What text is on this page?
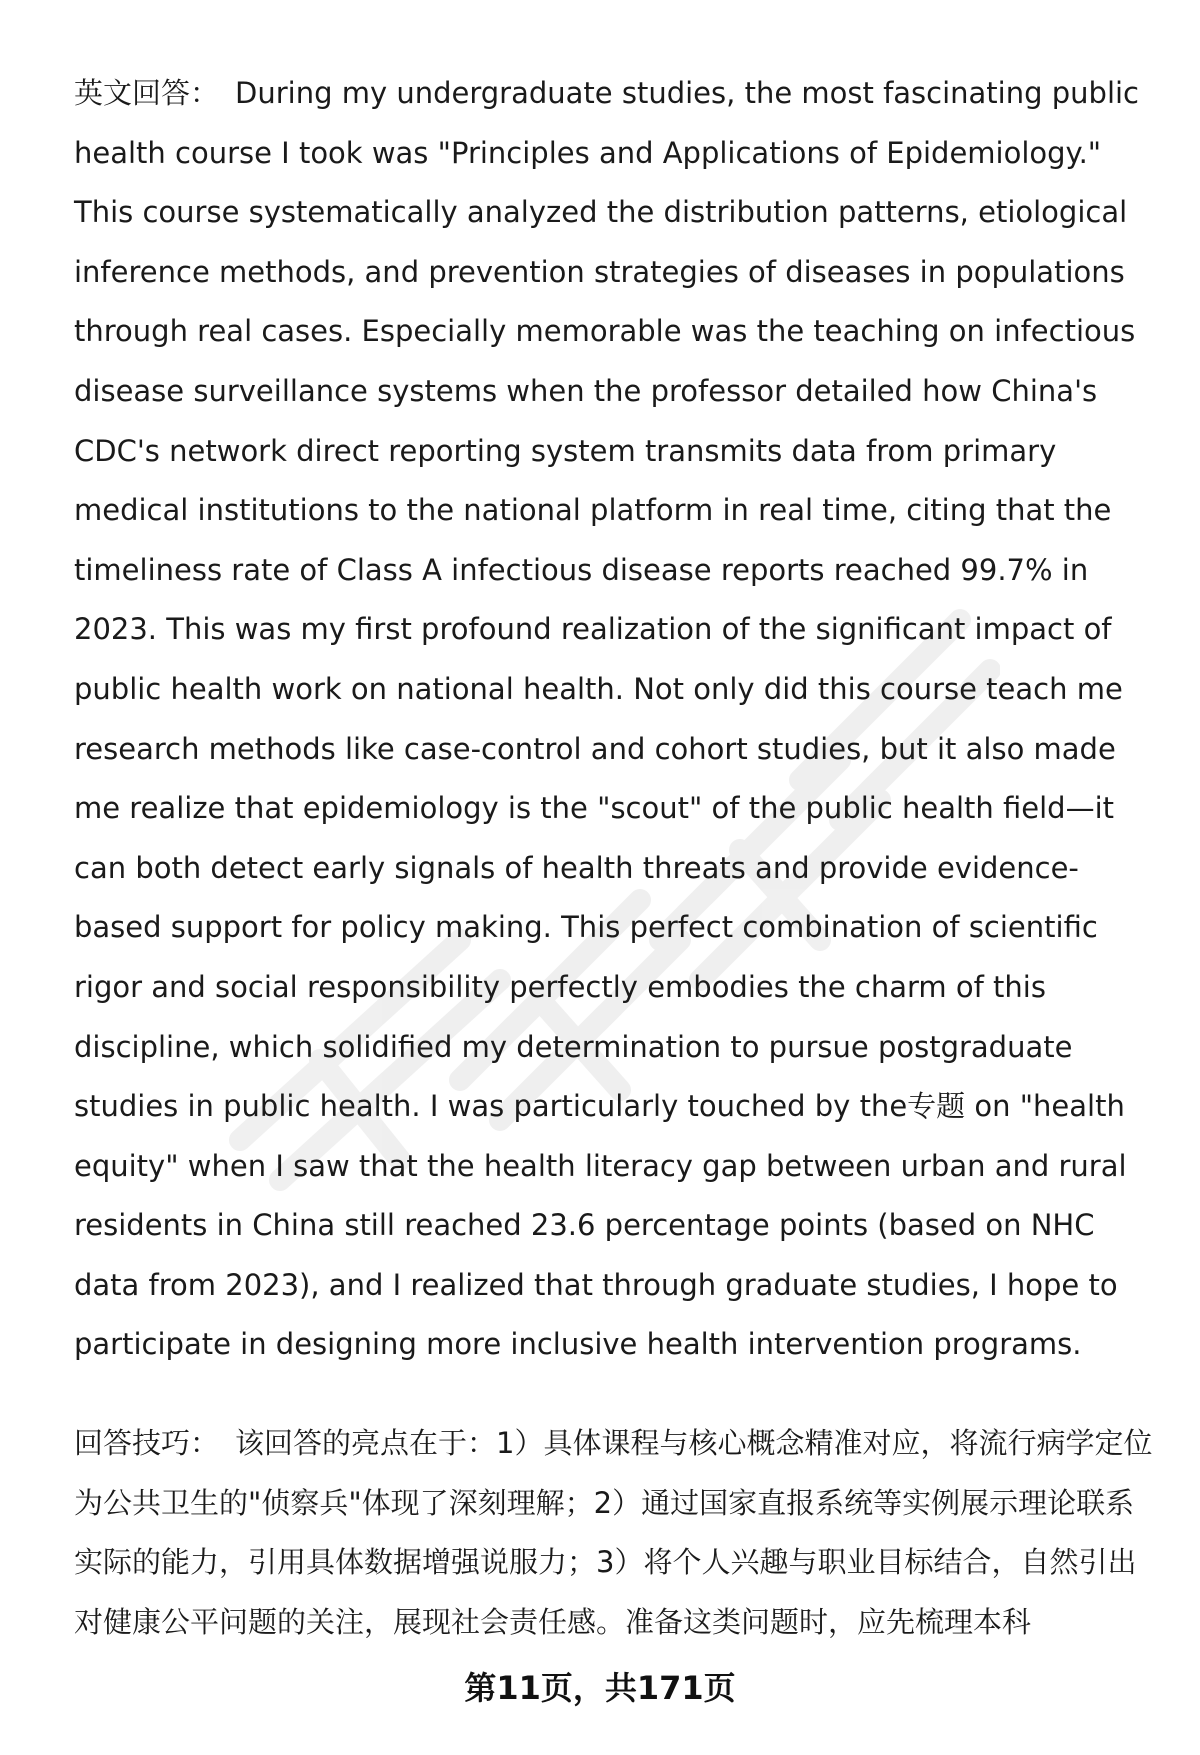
英文回答： During my undergraduate studies, the most fascinating public health course I took was "Principles and Applications of Epidemiology." This course systematically analyzed the distribution patterns, etiological inference methods, and prevention strategies of diseases in populations through real cases. Especially memorable was the teaching on infectious disease surveillance systems when the professor detailed how China's CDC's network direct reporting system transmits data from primary medical institutions to the national platform in real time, citing that the timeliness rate of Class A infectious disease reports reached 99.7% in 2023. This was my first profound realization of the significant impact of public health work on national health. Not only did this course teach me research methods like case-control and cohort studies, but it also made me realize that epidemiology is the "scout" of the public health field—it can both detect early signals of health threats and provide evidence-based support for policy making. This perfect combination of scientific rigor and social responsibility perfectly embodies the charm of this discipline, which solidified my determination to pursue postgraduate studies in public health. I was particularly touched by the专题 on "health equity" when I saw that the health literacy gap between urban and rural residents in China still reached 23.6 percentage points (based on NHC data from 2023), and I realized that through graduate studies, I hope to participate in designing more inclusive health intervention programs.

回答技巧： 该回答的亮点在于：1）具体课程与核心概念精准对应，将流行病学定位为公共卫生的"侦察兵"体现了深刻理解；2）通过国家直报系统等实例展示理论联系实际的能力，引用具体数据增强说服力；3）将个人兴趣与职业目标结合，自然引出对健康公平问题的关注，展现社会责任感。准备这类问题时，应先梳理本科

第11页，共171页
